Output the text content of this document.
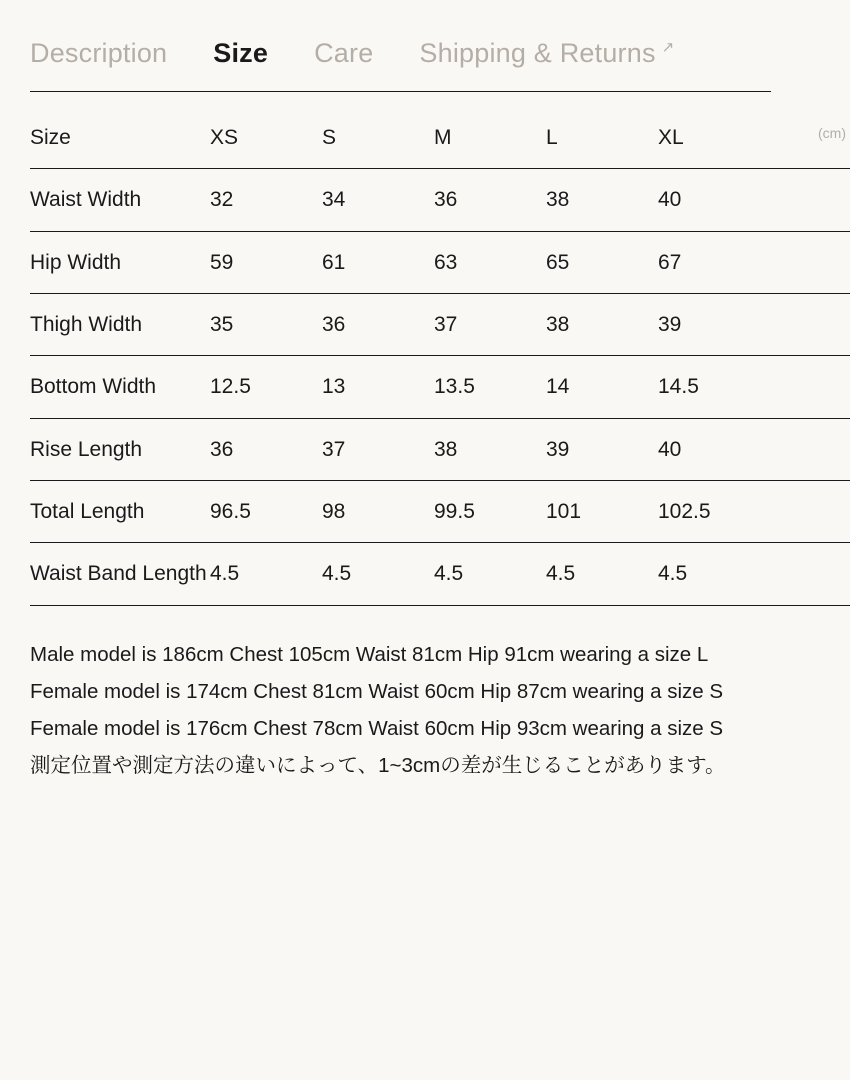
Description Size Care Shipping & Returns ↗
Size	XS	S	M	L	XL	(cm)

Waist Width	32	34	36	38	40	
Hip Width	59	61	63	65	67	
Thigh Width	35	36	37	38	39	
Bottom Width	12.5	13	13.5	14	14.5	
Rise Length	36	37	38	39	40	
Total Length	96.5	98	99.5	101	102.5	
Waist Band Length	4.5	4.5	4.5	4.5	4.5	
Male model is 186cm Chest 105cm Waist 81cm Hip 91cm wearing a size L
Female model is 174cm Chest 81cm Waist 60cm Hip 87cm wearing a size S
Female model is 176cm Chest 78cm Waist 60cm Hip 93cm wearing a size S
測定位置や測定方法の違いによって、1~3cmの差が生じることがあります。
